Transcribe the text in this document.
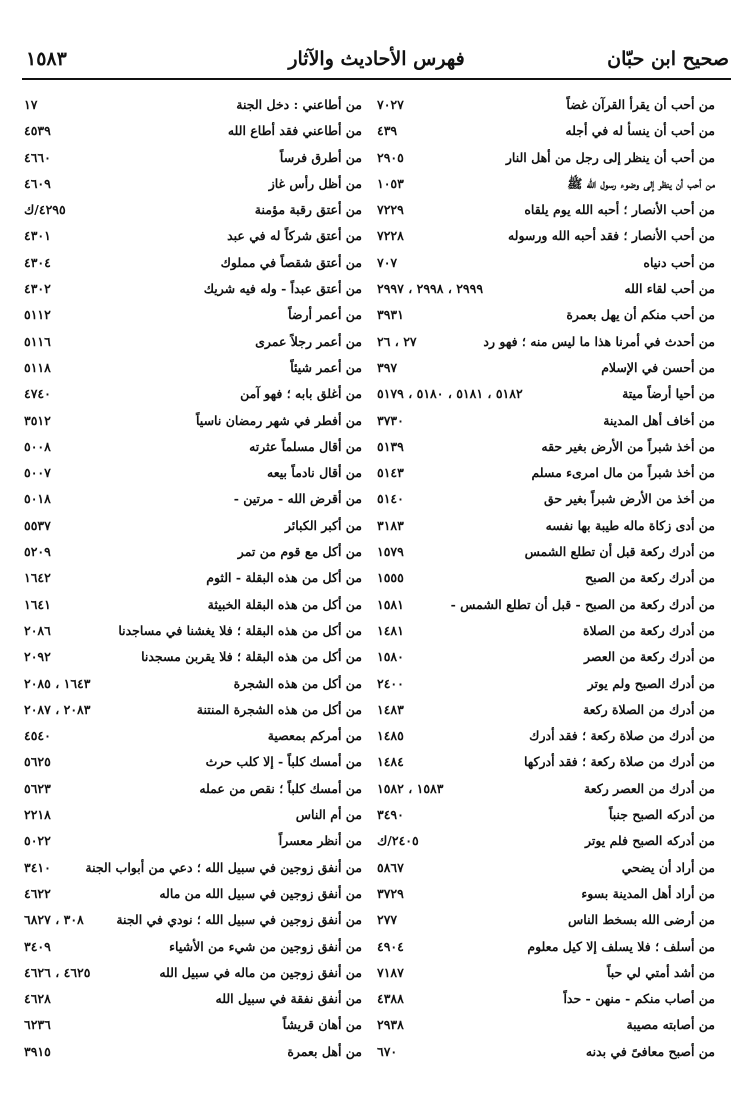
صحيح ابن حبّان
فهرس الأحاديث والآثار
١٥٨٣
من أحب أن يقرأ القرآن غضاً
٧٠٢٧
من أحب أن ينسأ له في أجله
٤٣٩
من أحب أن ينظر إلى رجل من أهل النار
٢٩٠٥
من أحب أن ينظر إلى وضوء رسول الله ﷺ
١٠٥٣
من أحب الأنصار ؛ أحبه الله يوم يلقاه
٧٢٢٩
من أحب الأنصار ؛ فقد أحبه الله ورسوله
٧٢٢٨
من أحب دنياه
٧٠٧
من أحب لقاء الله
٢٩٩٩ ، ٢٩٩٨ ، ٢٩٩٧
من أحب منكم أن يهل بعمرة
٣٩٣١
من أحدث في أمرنا هذا ما ليس منه ؛ فهو رد
٢٧ ، ٢٦
من أحسن في الإسلام
٣٩٧
من أحيا أرضاً ميتة
٥١٨٢ ، ٥١٨١ ، ٥١٨٠ ، ٥١٧٩
من أخاف أهل المدينة
٣٧٣٠
من أخذ شبراً من الأرض بغير حقه
٥١٣٩
من أخذ شبراً من مال امرىء مسلم
٥١٤٣
من أخذ من الأرض شبراً بغير حق
٥١٤٠
من أدى زكاة ماله طيبة بها نفسه
٣١٨٣
من أدرك ركعة قبل أن تطلع الشمس
١٥٧٩
من أدرك ركعة من الصبح
١٥٥٥
من أدرك ركعة من الصبح - قبل أن تطلع الشمس -
١٥٨١
من أدرك ركعة من الصلاة
١٤٨١
من أدرك ركعة من العصر
١٥٨٠
من أدرك الصبح ولم يوتر
٢٤٠٠
من أدرك من الصلاة ركعة
١٤٨٣
من أدرك من صلاة ركعة ؛ فقد أدرك
١٤٨٥
من أدرك من صلاة ركعة ؛ فقد أدركها
١٤٨٤
من أدرك من العصر ركعة
١٥٨٣ ، ١٥٨٢
من أدركه الصبح جنباً
٣٤٩٠
من أدركه الصبح فلم يوتر
٢٤٠٥/ك
من أراد أن يضحي
٥٨٦٧
من أراد أهل المدينة بسوء
٣٧٢٩
من أرضى الله بسخط الناس
٢٧٧
من أسلف ؛ فلا يسلف إلا كيل معلوم
٤٩٠٤
من أشد أمتي لي حباً
٧١٨٧
من أصاب منكم - منهن - حداً
٤٣٨٨
من أصابته مصيبة
٢٩٣٨
من أصبح معافىً في بدنه
٦٧٠
من أطاعني : دخل الجنة
١٧
من أطاعني فقد أطاع الله
٤٥٣٩
من أطرق فرساً
٤٦٦٠
من أظل رأس غاز
٤٦٠٩
من أعتق رقبة مؤمنة
٤٢٩٥/ك
من أعتق شركاً له في عبد
٤٣٠١
من أعتق شقصاً في مملوك
٤٣٠٤
من أعتق عبداً - وله فيه شريك
٤٣٠٢
من أعمر أرضاً
٥١١٢
من أعمر رجلاً عمرى
٥١١٦
من أعمر شيئاً
٥١١٨
من أغلق بابه ؛ فهو آمن
٤٧٤٠
من أفطر في شهر رمضان ناسياً
٣٥١٢
من أقال مسلماً عثرته
٥٠٠٨
من أقال نادماً بيعه
٥٠٠٧
من أقرض الله - مرتين -
٥٠١٨
من أكبر الكبائر
٥٥٣٧
من أكل مع قوم من تمر
٥٢٠٩
من أكل من هذه البقلة - الثوم
١٦٤٢
من أكل من هذه البقلة الخبيثة
١٦٤١
من أكل من هذه البقلة ؛ فلا يغشنا في مساجدنا
٢٠٨٦
من أكل من هذه البقلة ؛ فلا يقربن مسجدنا
٢٠٩٢
من أكل من هذه الشجرة
١٦٤٣ ، ٢٠٨٥
من أكل من هذه الشجرة المنتنة
٢٠٨٣ ، ٢٠٨٧
من أمركم بمعصية
٤٥٤٠
من أمسك كلباً - إلا كلب حرث
٥٦٢٥
من أمسك كلباً ؛ نقص من عمله
٥٦٢٣
من أم الناس
٢٢١٨
من أنظر معسراً
٥٠٢٢
من أنفق زوجين في سبيل الله ؛ دعي من أبواب الجنة
٣٤١٠
من أنفق زوجين في سبيل الله من ماله
٤٦٢٢
من أنفق زوجين في سبيل الله ؛ نودي في الجنة
٣٠٨ ، ٦٨٢٧
من أنفق زوجين من شيء من الأشياء
٣٤٠٩
من أنفق زوجين من ماله في سبيل الله
٤٦٢٥ ، ٤٦٢٦
من أنفق نفقة في سبيل الله
٤٦٢٨
من أهان قريشاً
٦٢٣٦
من أهل بعمرة
٣٩١٥
